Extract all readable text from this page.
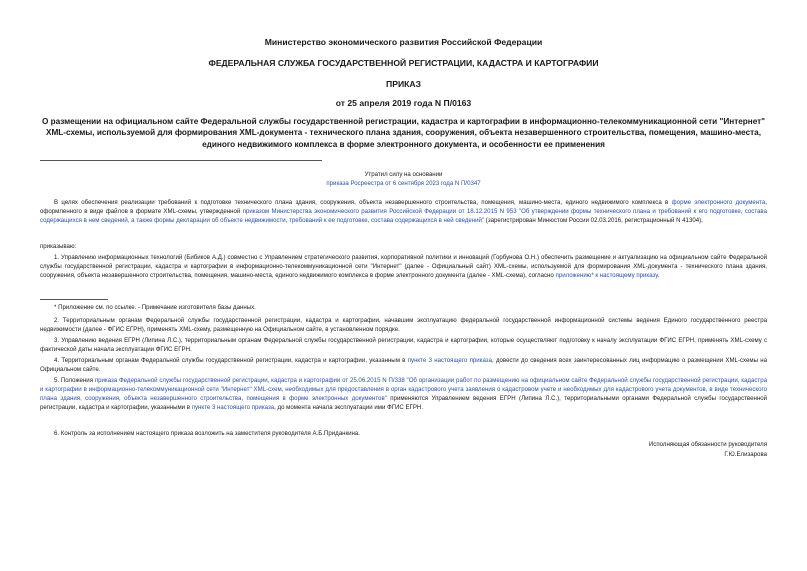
Министерство экономического развития Российской Федерации
ФЕДЕРАЛЬНАЯ СЛУЖБА ГОСУДАРСТВЕННОЙ РЕГИСТРАЦИИ, КАДАСТРА И КАРТОГРАФИИ
ПРИКАЗ
от 25 апреля 2019 года N П/0163
О размещении на официальном сайте Федеральной службы государственной регистрации, кадастра и картографии в информационно-телекоммуникационной сети "Интернет" XML-схемы, используемой для формирования XML-документа - технического плана здания, сооружения, объекта незавершенного строительства, помещения, машино-места, единого недвижимого комплекса в форме электронного документа, и особенности ее применения
Утратил силу на основании
приказа Росреестра от 6 сентября 2023 года N П/0347
В целях обеспечения реализации требований к подготовке технического плана здания, сооружения, объекта незавершенного строительства, помещения, машино-места, единого недвижимого комплекса в форме электронного документа, оформленного в виде файлов в формате XML-схемы, утвержденной приказом Министерства экономического развития Российской Федерации от 18.12.2015 N 953 "Об утверждении формы технического плана и требований к его подготовке, состава содержащихся в нем сведений, а также формы декларации об объекте недвижимости, требований к ее подготовке, состава содержащихся в ней сведений" (зарегистрирован Минюстом России 02.03.2016, регистрационный N 41304),
приказываю:
1. Управлению информационных технологий (Бибиков А.Д.) совместно с Управлением стратегического развития, корпоративной политики и инноваций (Горбунова О.Н.) обеспечить размещение и актуализацию на официальном сайте Федеральной службы государственной регистрации, кадастра и картографии в информационно-телекоммуникационной сети "Интернет" (далее - Официальный сайт) XML-схемы, используемой для формирования XML-документа - технического плана здания, сооружения, объекта незавершенного строительства, помещения, машино-места, единого недвижимого комплекса в форме электронного документа (далее - XML-схема), согласно приложению* к настоящему приказу.
* Приложение см. по ссылке. - Примечание изготовителя базы данных.
2. Территориальным органам Федеральной службы государственной регистрации, кадастра и картографии, начавшим эксплуатацию федеральной государственной информационной системы ведения Единого государственного реестра недвижимости (далее - ФГИС ЕГРН), применять XML-схему, размещенную на Официальном сайте, в установленном порядке.
3. Управлению ведения ЕГРН (Липина Л.С.), территориальным органам Федеральной службы государственной регистрации, кадастра и картографии, которые осуществляют подготовку к началу эксплуатации ФГИС ЕГРН, применять XML-схему с фактической даты начала эксплуатации ФГИС ЕГРН.
4. Территориальным органам Федеральной службы государственной регистрации, кадастра и картографии, указанным в пункте 3 настоящего приказа, довести до сведения всех заинтересованных лиц информацию о размещении XML-схемы на Официальном сайте.
5. Положения приказа Федеральной службы государственной регистрации, кадастра и картографии от 25.06.2015 N П/338 "Об организации работ по размещению на официальном сайте Федеральной службы государственной регистрации, кадастра и картографии в информационно-телекоммуникационной сети "Интернет" XML-схем, необходимых для предоставления в орган кадастрового учета заявления о кадастровом учете и необходимых для кадастрового учета документов, в виде технического плана здания, сооружения, объекта незавершенного строительства, помещения в форме электронных документов" применяются Управлением ведения ЕГРН (Липина Л.С.), территориальными органами Федеральной службы государственной регистрации, кадастра и картографии, указанными в пункте 3 настоящего приказа, до момента начала эксплуатации ими ФГИС ЕГРН.
6. Контроль за исполнением настоящего приказа возложить на заместителя руководителя А.Б.Приданкина.
Исполняющая обязанности руководителя
Г.Ю.Елизарова
